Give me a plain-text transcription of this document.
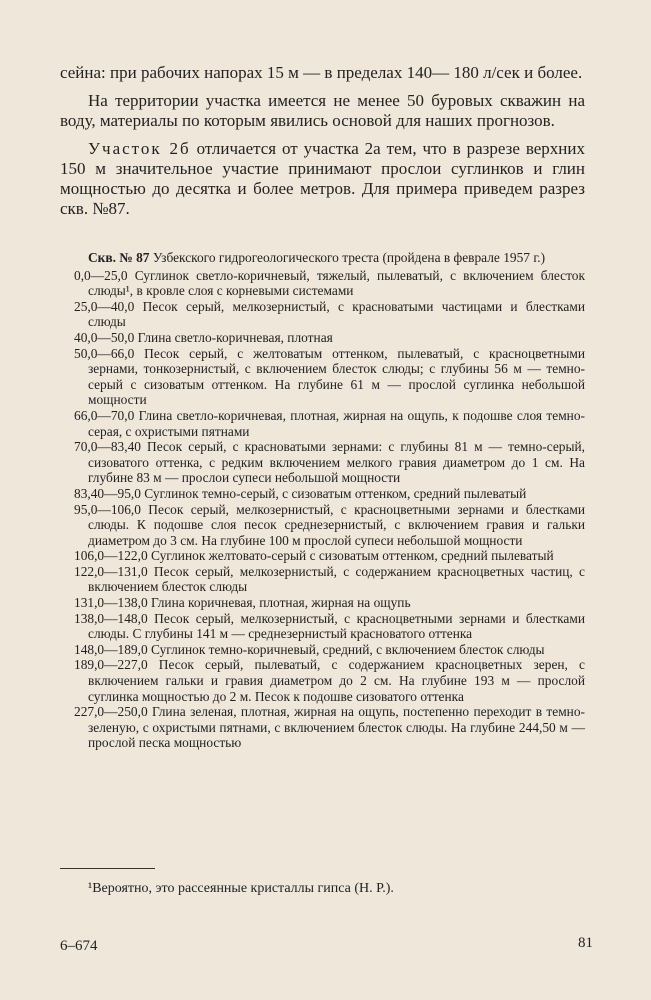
сейна: при рабочих напорах 15 м — в пределах 140— 180 л/сек и более.

На территории участка имеется не менее 50 буровых скважин на воду, материалы по которым явились основой для наших прогнозов.

Участок 2б отличается от участка 2а тем, что в разрезе верхних 150 м значительное участие принимают прослои суглинков и глин мощностью до десятка и более метров. Для примера приведем разрез скв. №87.

Скв. № 87 Узбекского гидрогеологического треста (пройдена в феврале 1957 г.)

0,0—25,0 Суглинок светло-коричневый, тяжелый, пылеватый, с включением блесток слюды¹, в кровле слоя с корневыми системами

25,0—40,0 Песок серый, мелкозернистый, с красноватыми частицами и блестками слюды

40,0—50,0 Глина светло-коричневая, плотная

50,0—66,0 Песок серый, с желтоватым оттенком, пылеватый, с красноцветными зернами, тонкозернистый, с включением блесток слюды; с глубины 56 м — темно-серый с сизоватым оттенком. На глубине 61 м — прослой суглинка небольшой мощности

66,0—70,0 Глина светло-коричневая, плотная, жирная на ощупь, к подошве слоя темно-серая, с охристыми пятнами

70,0—83,40 Песок серый, с красноватыми зернами: с глубины 81 м — темно-серый, сизоватого оттенка, с редким включением мелкого гравия диаметром до 1 см. На глубине 83 м — прослои супеси небольшой мощности

83,40—95,0 Суглинок темно-серый, с сизоватым оттенком, средний пылеватый

95,0—106,0 Песок серый, мелкозернистый, с красноцветными зернами и блестками слюды. К подошве слоя песок среднезернистый, с включением гравия и гальки диаметром до 3 см. На глубине 100 м прослой супеси небольшой мощности

106,0—122,0 Суглинок желтовато-серый с сизоватым оттенком, средний пылеватый

122,0—131,0 Песок серый, мелкозернистый, с содержанием красноцветных частиц, с включением блесток слюды

131,0—138,0 Глина коричневая, плотная, жирная на ощупь

138,0—148,0 Песок серый, мелкозернистый, с красноцветными зернами и блестками слюды. С глубины 141 м — среднезернистый красноватого оттенка

148,0—189,0 Суглинок темно-коричневый, средний, с включением блесток слюды

189,0—227,0 Песок серый, пылеватый, с содержанием красноцветных зерен, с включением гальки и гравия диаметром до 2 см. На глубине 193 м — прослой суглинка мощностью до 2 м. Песок к подошве сизоватого оттенка

227,0—250,0 Глина зеленая, плотная, жирная на ощупь, постепенно переходит в темно-зеленую, с охристыми пятнами, с включением блесток слюды. На глубине 244,50 м — прослой песка мощностью

¹Вероятно, это рассеянные кристаллы гипса (Н. Р.).
6–674	81
